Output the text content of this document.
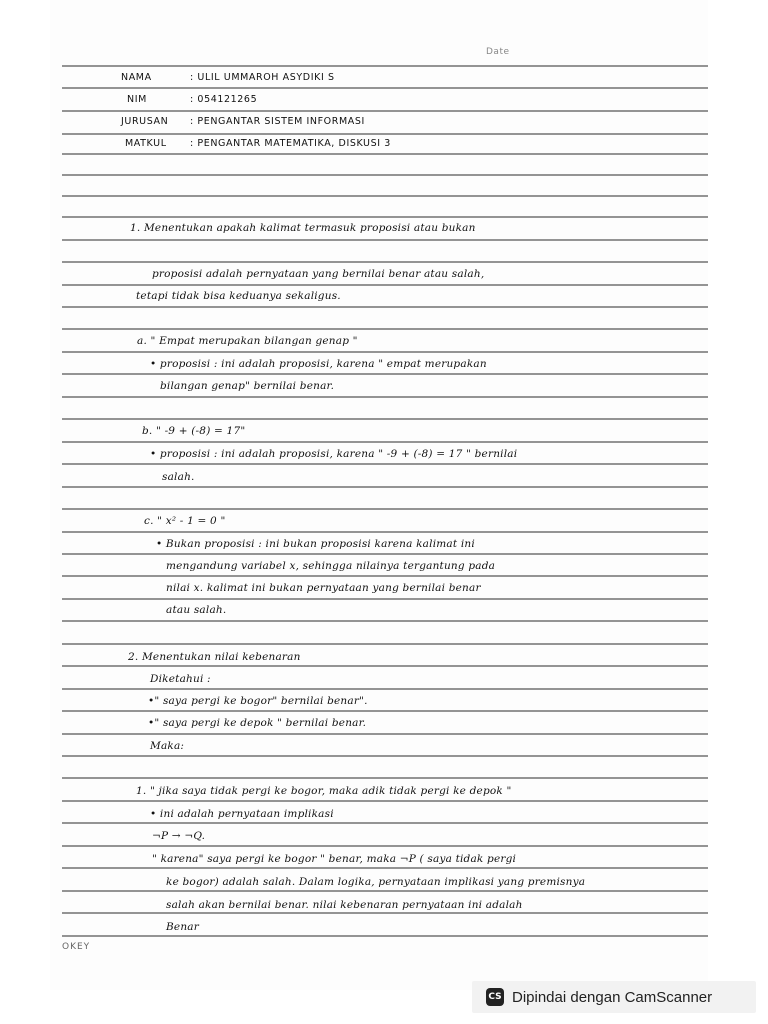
Date
NAMA	: ULIL UMMAROH ASYDIKI S
NIM	: 054121265
JURUSAN : PENGANTAR SISTEM INFORMASI
MATKUL : PENGANTAR MATEMATIKA, DISKUSI 3
1. Menentukan apakah kalimat termasuk proposisi atau bukan
proposisi adalah pernyataan yang bernilai benar atau salah,
tetapi tidak bisa keduanya sekaligus.
a. " Empat merupakan bilangan genap "
• proposisi : ini adalah proposisi, karena " empat merupakan
bilangan genap" bernilai benar.
b. " -9 + (-8) = 17"
• proposisi : ini adalah proposisi, karena " -9 + (-8) = 17 " bernilai
salah.
c. " x² - 1 = 0 "
• Bukan proposisi : ini bukan proposisi karena kalimat ini
mengandung variabel x, sehingga nilainya tergantung pada
nilai x. kalimat ini bukan pernyataan yang bernilai benar
atau salah.
2. Menentukan nilai kebenaran
Diketahui :
•" saya pergi ke bogor" bernilai benar".
•" saya pergi ke depok " bernilai benar.
Maka:
1. " jika saya tidak pergi ke bogor, maka adik tidak pergi ke depok "
• ini adalah pernyataan implikasi
¬P → ¬Q.
" karena" saya pergi ke bogor " benar, maka ¬P ( saya tidak pergi
ke bogor) adalah salah. Dalam logika, pernyataan implikasi yang premisnya
salah akan bernilai benar. nilai kebenaran pernyataan ini adalah
Benar
OKEY
CS Dipindai dengan CamScanner
